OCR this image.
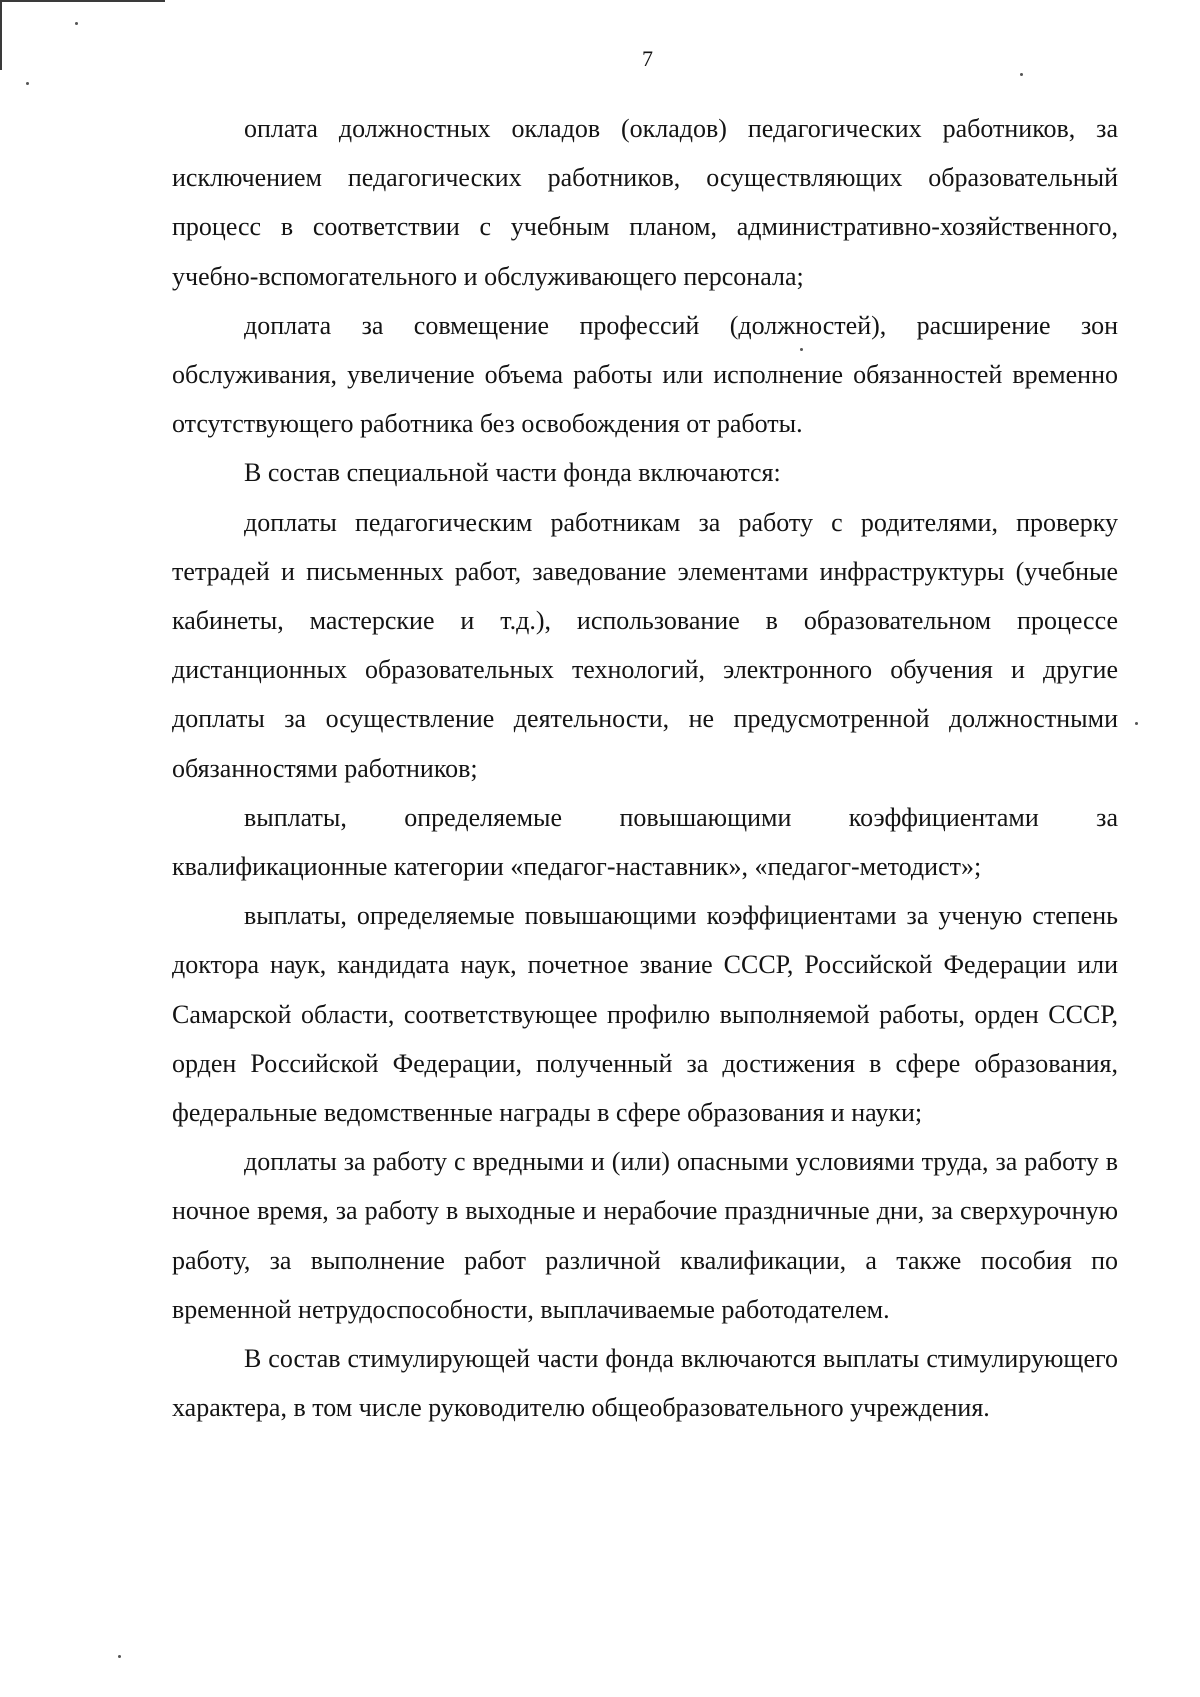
7

оплата должностных окладов (окладов) педагогических работников, за исключением педагогических работников, осуществляющих образовательный процесс в соответствии с учебным планом, административно-хозяйственного, учебно-вспомогательного и обслуживающего персонала;

доплата за совмещение профессий (должностей), расширение зон обслуживания, увеличение объема работы или исполнение обязанностей временно отсутствующего работника без освобождения от работы.

В состав специальной части фонда включаются:

доплаты педагогическим работникам за работу с родителями, проверку тетрадей и письменных работ, заведование элементами инфраструктуры (учебные кабинеты, мастерские и т.д.), использование в образовательном процессе дистанционных образовательных технологий, электронного обучения и другие доплаты за осуществление деятельности, не предусмотренной должностными обязанностями работников;

выплаты, определяемые повышающими коэффициентами за квалификационные категории «педагог-наставник», «педагог-методист»;

выплаты, определяемые повышающими коэффициентами за ученую степень доктора наук, кандидата наук, почетное звание СССР, Российской Федерации или Самарской области, соответствующее профилю выполняемой работы, орден СССР, орден Российской Федерации, полученный за достижения в сфере образования, федеральные ведомственные награды в сфере образования и науки;

доплаты за работу с вредными и (или) опасными условиями труда, за работу в ночное время, за работу в выходные и нерабочие праздничные дни, за сверхурочную работу, за выполнение работ различной квалификации, а также пособия по временной нетрудоспособности, выплачиваемые работодателем.

В состав стимулирующей части фонда включаются выплаты стимулирующего характера, в том числе руководителю общеобразовательного учреждения.
